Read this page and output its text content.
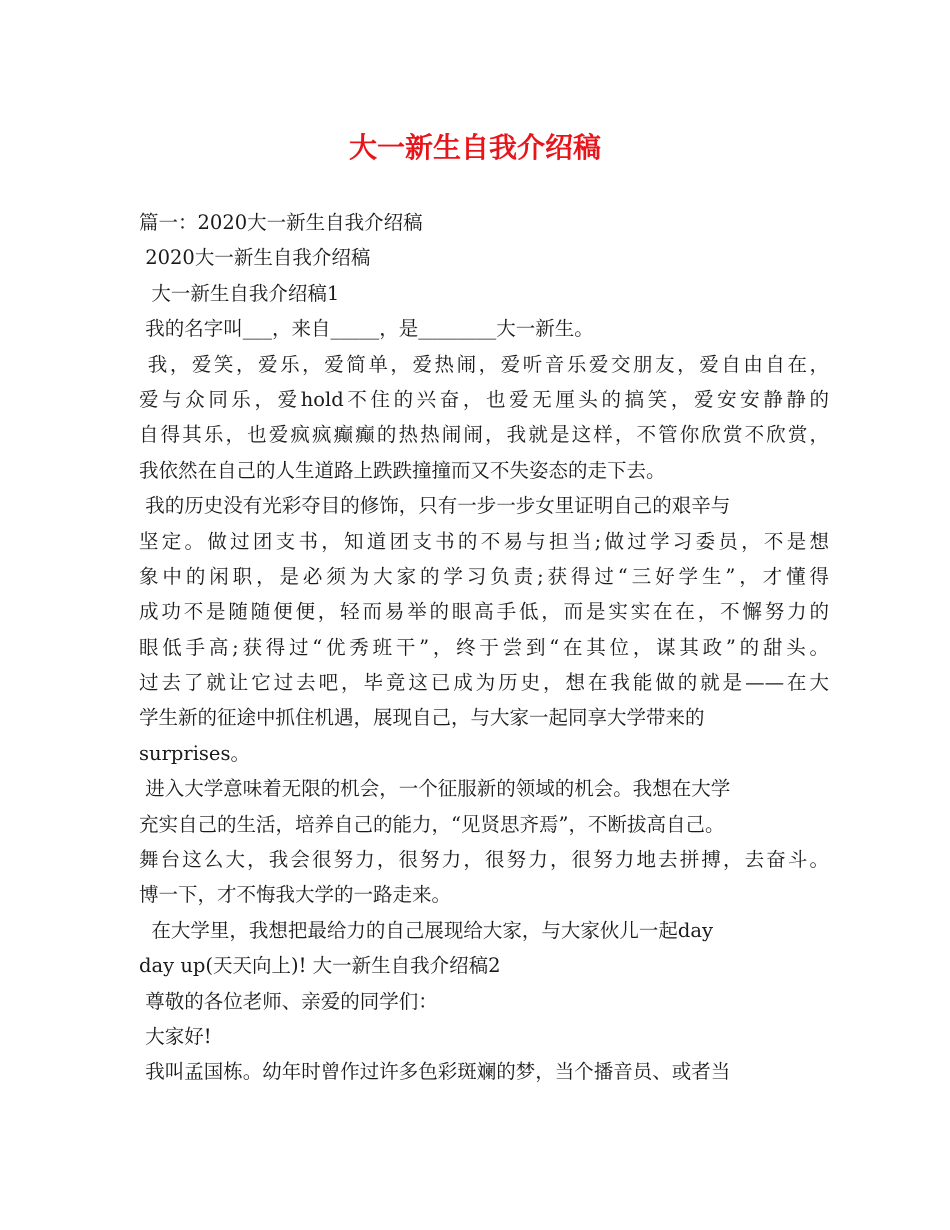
大一新生自我介绍稿
篇一：2020大一新生自我介绍稿
2020大一新生自我介绍稿
大一新生自我介绍稿1
我的名字叫___，来自_____，是________大一新生。
我，爱笑，爱乐，爱简单，爱热闹，爱听音乐爱交朋友，爱自由自在，
爱与众同乐，爱hold不住的兴奋，也爱无厘头的搞笑，爱安安静静的
自得其乐，也爱疯疯癫癫的热热闹闹，我就是这样，不管你欣赏不欣赏，
我依然在自己的人生道路上跌跌撞撞而又不失姿态的走下去。
我的历史没有光彩夺目的修饰，只有一步一步女里证明自己的艰辛与
坚定。做过团支书，知道团支书的不易与担当;做过学习委员，不是想
象中的闲职，是必须为大家的学习负责;获得过“三好学生”，才懂得
成功不是随随便便，轻而易举的眼高手低，而是实实在在，不懈努力的
眼低手高;获得过“优秀班干”，终于尝到“在其位，谋其政”的甜头。
过去了就让它过去吧，毕竟这已成为历史，想在我能做的就是——在大
学生新的征途中抓住机遇，展现自己，与大家一起同享大学带来的
surprises。
进入大学意味着无限的机会，一个征服新的领域的机会。我想在大学
充实自己的生活，培养自己的能力，“见贤思齐焉”，不断拔高自己。
舞台这么大，我会很努力，很努力，很努力，很努力地去拼搏，去奋斗。
博一下，才不悔我大学的一路走来。
在大学里，我想把最给力的自己展现给大家，与大家伙儿一起day
day up(天天向上)! 大一新生自我介绍稿2
尊敬的各位老师、亲爱的同学们：
大家好!
我叫孟国栋。幼年时曾作过许多色彩斑斓的梦，当个播音员、或者当
